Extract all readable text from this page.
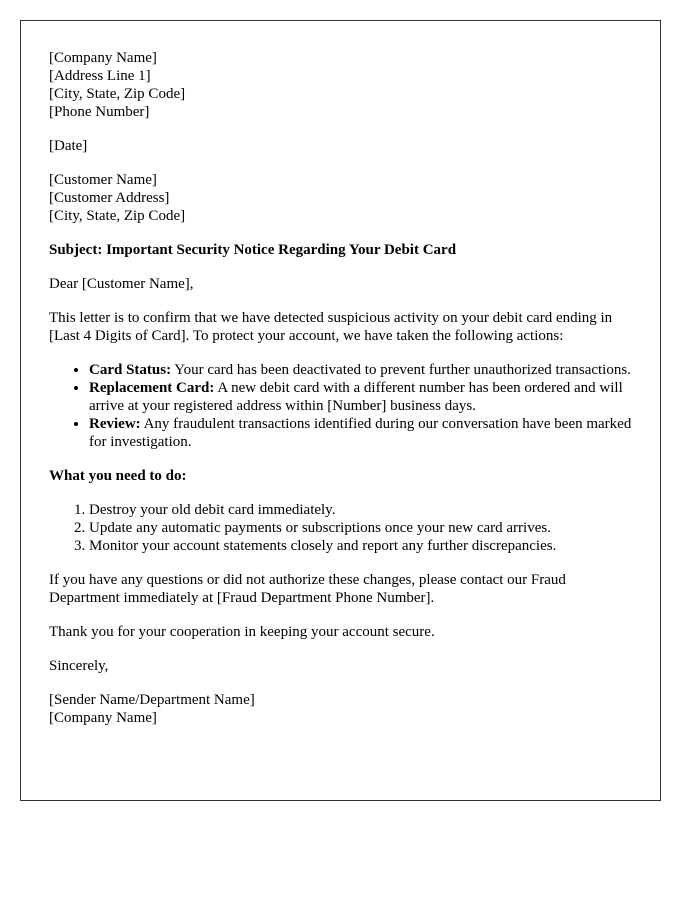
[Company Name]
[Address Line 1]
[City, State, Zip Code]
[Phone Number]

[Date]

[Customer Name]
[Customer Address]
[City, State, Zip Code]

Subject: Important Security Notice Regarding Your Debit Card

Dear [Customer Name],

This letter is to confirm that we have detected suspicious activity on your debit card ending in [Last 4 Digits of Card]. To protect your account, we have taken the following actions:

• Card Status: Your card has been deactivated to prevent further unauthorized transactions.
• Replacement Card: A new debit card with a different number has been ordered and will arrive at your registered address within [Number] business days.
• Review: Any fraudulent transactions identified during our conversation have been marked for investigation.

What you need to do:

1. Destroy your old debit card immediately.
2. Update any automatic payments or subscriptions once your new card arrives.
3. Monitor your account statements closely and report any further discrepancies.

If you have any questions or did not authorize these changes, please contact our Fraud Department immediately at [Fraud Department Phone Number].

Thank you for your cooperation in keeping your account secure.

Sincerely,

[Sender Name/Department Name]
[Company Name]
